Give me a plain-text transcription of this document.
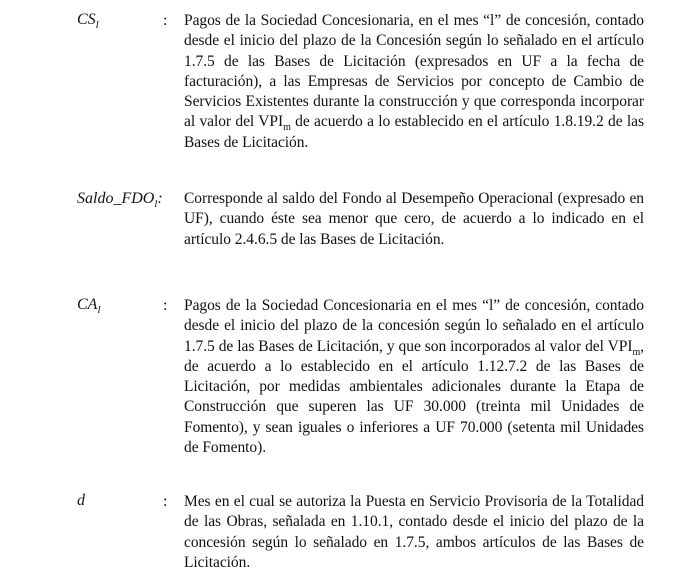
$CS_l$	: Pagos de la Sociedad Concesionaria, en el mes “l” de concesión, contado desde el inicio del plazo de la Concesión según lo señalado en el artículo 1.7.5 de las Bases de Licitación (expresados en UF a la fecha de facturación), a las Empresas de Servicios por concepto de Cambio de Servicios Existentes durante la construcción y que corresponda incorporar al valor del $VPI_m$ de acuerdo a lo establecido en el artículo 1.8.19.2 de las Bases de Licitación.
$Saldo\_FDO_l$: Corresponde al saldo del Fondo al Desempeño Operacional (expresado en UF), cuando éste sea menor que cero, de acuerdo a lo indicado en el artículo 2.4.6.5 de las Bases de Licitación.
$CA_l$	: Pagos de la Sociedad Concesionaria en el mes “l” de concesión, contado desde el inicio del plazo de la concesión según lo señalado en el artículo 1.7.5 de las Bases de Licitación, y que son incorporados al valor del $VPI_m$, de acuerdo a lo establecido en el artículo 1.12.7.2 de las Bases de Licitación, por medidas ambientales adicionales durante la Etapa de Construcción que superen las UF 30.000 (treinta mil Unidades de Fomento), y sean iguales o inferiores a UF 70.000 (setenta mil Unidades de Fomento).
d	: Mes en el cual se autoriza la Puesta en Servicio Provisoria de la Totalidad de las Obras, señalada en 1.10.1, contado desde el inicio del plazo de la concesión según lo señalado en 1.7.5, ambos artículos de las Bases de Licitación.
